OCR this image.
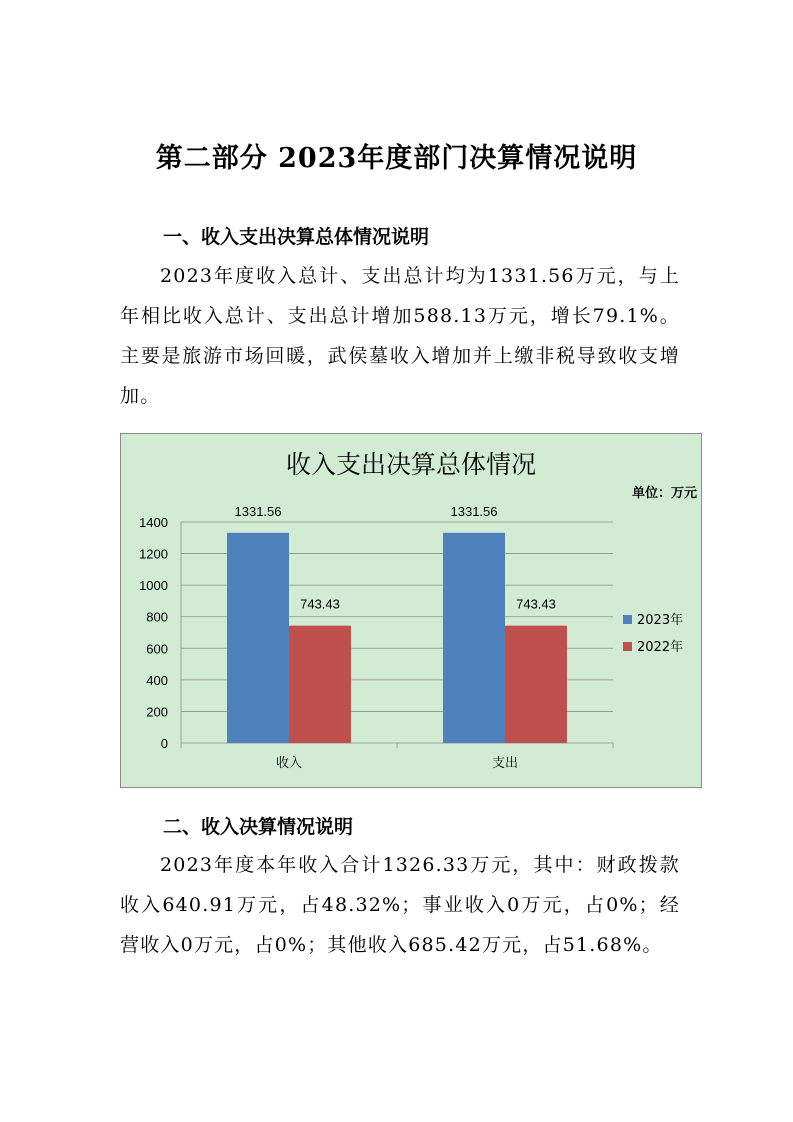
第二部分 2023年度部门决算情况说明
一、收入支出决算总体情况说明

2023年度收入总计、支出总计均为1331.56万元，与上年相比收入总计、支出总计增加588.13万元，增长79.1%。主要是旅游市场回暖，武侯墓收入增加并上缴非税导致收支增加。

收入支出决算总体情况
单位：万元
0
200
400
600
800
1000
1200
1400
1331.56
743.43
1331.56
743.43
收入	支出
2023年
2022年
二、收入决算情况说明

2023年度本年收入合计1326.33万元，其中：财政拨款收入640.91万元，占48.32%；事业收入0万元，占0%；经营收入0万元，占0%；其他收入685.42万元，占51.68%。
